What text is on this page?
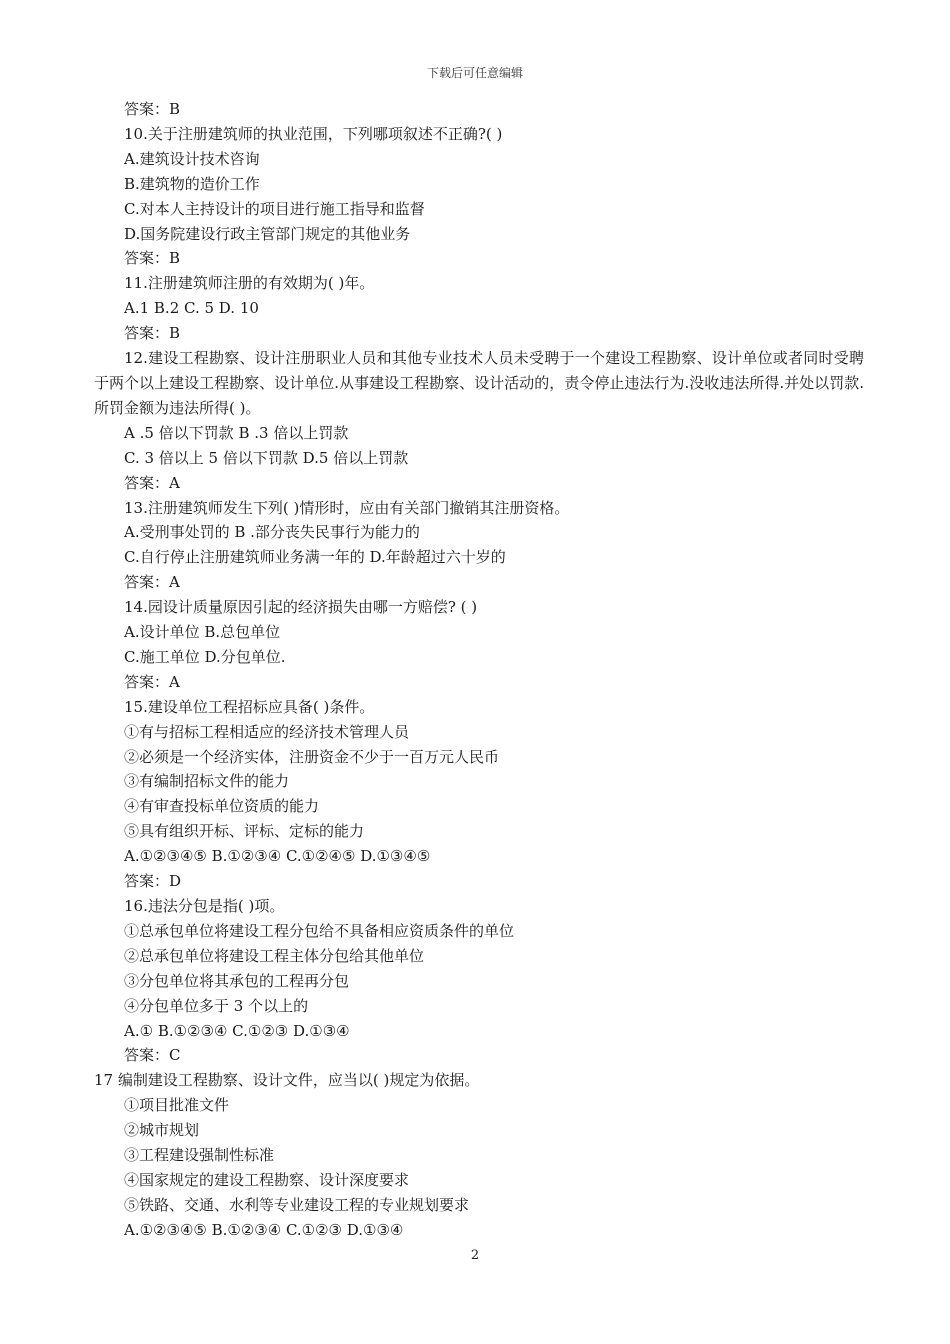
下载后可任意编辑
答案：B
10.关于注册建筑师的执业范围，下列哪项叙述不正确?( )
A.建筑设计技术咨询
B.建筑物的造价工作
C.对本人主持设计的项目进行施工指导和监督
D.国务院建设行政主管部门规定的其他业务
答案：B
11.注册建筑师注册的有效期为( )年。
A.1 B.2 C. 5 D. 10
答案：B
12.建设工程勘察、设计注册职业人员和其他专业技术人员未受聘于一个建设工程勘察、设计单位或者同时受聘于两个以上建设工程勘察、设计单位.从事建设工程勘察、设计活动的，责令停止违法行为.没收违法所得.并处以罚款.所罚金额为违法所得( )。
A .5 倍以下罚款 B .3 倍以上罚款
C. 3 倍以上 5 倍以下罚款 D.5 倍以上罚款
答案：A
13.注册建筑师发生下列( )情形时，应由有关部门撤销其注册资格。
A.受刑事处罚的 B .部分丧失民事行为能力的
C.自行停止注册建筑师业务满一年的 D.年龄超过六十岁的
答案：A
14.园设计质量原因引起的经济损失由哪一方赔偿? ( )
A.设计单位 B.总包单位
C.施工单位 D.分包单位.
答案：A
15.建设单位工程招标应具备( )条件。
①有与招标工程相适应的经济技术管理人员
②必须是一个经济实体，注册资金不少于一百万元人民币
③有编制招标文件的能力
④有审查投标单位资质的能力
⑤具有组织开标、评标、定标的能力
A.①②③④⑤ B.①②③④ C.①②④⑤ D.①③④⑤
答案：D
16.违法分包是指( )项。
①总承包单位将建设工程分包给不具备相应资质条件的单位
②总承包单位将建设工程主体分包给其他单位
③分包单位将其承包的工程再分包
④分包单位多于 3 个以上的
A.① B.①②③④ C.①②③ D.①③④
答案：C
17 编制建设工程勘察、设计文件，应当以( )规定为依据。
①项目批准文件
②城市规划
③工程建设强制性标准
④国家规定的建设工程勘察、设计深度要求
⑤铁路、交通、水利等专业建设工程的专业规划要求
A.①②③④⑤ B.①②③④ C.①②③ D.①③④
2
